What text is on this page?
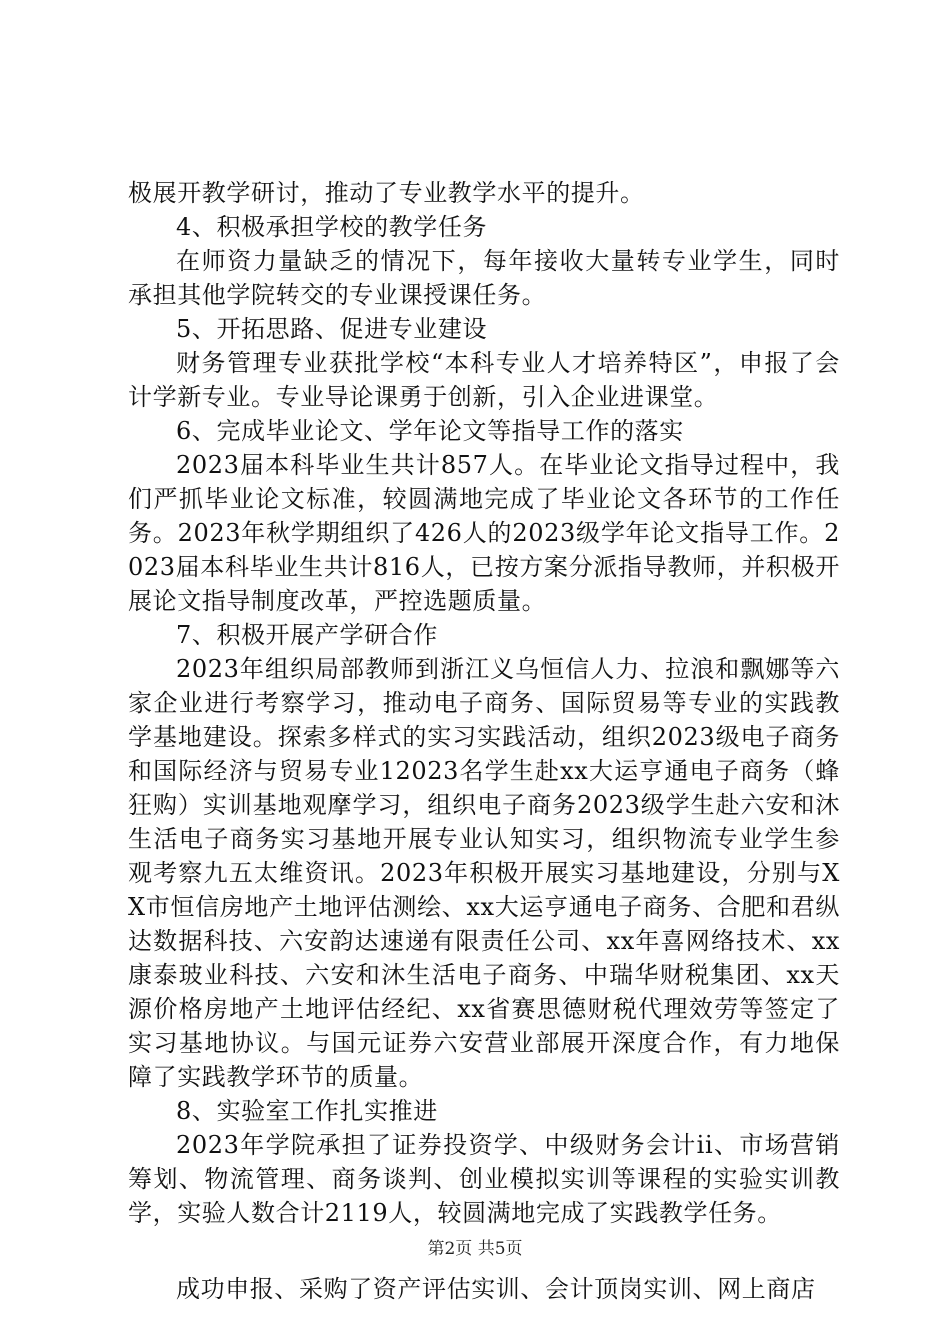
极展开教学研讨，推动了专业教学水平的提升。

4、积极承担学校的教学任务

在师资力量缺乏的情况下，每年接收大量转专业学生，同时承担其他学院转交的专业课授课任务。

5、开拓思路、促进专业建设

财务管理专业获批学校“本科专业人才培养特区”，申报了会计学新专业。专业导论课勇于创新，引入企业进课堂。

6、完成毕业论文、学年论文等指导工作的落实

2023届本科毕业生共计857人。在毕业论文指导过程中，我们严抓毕业论文标准，较圆满地完成了毕业论文各环节的工作任务。2023年秋学期组织了426人的2023级学年论文指导工作。2023届本科毕业生共计816人，已按方案分派指导教师，并积极开展论文指导制度改革，严控选题质量。

7、积极开展产学研合作

2023年组织局部教师到浙江义乌恒信人力、拉浪和飘娜等六家企业进行考察学习，推动电子商务、国际贸易等专业的实践教学基地建设。探索多样式的实习实践活动，组织2023级电子商务和国际经济与贸易专业12023名学生赴xx大运亨通电子商务（蜂狂购）实训基地观摩学习，组织电子商务2023级学生赴六安和沐生活电子商务实习基地开展专业认知实习，组织物流专业学生参观考察九五太维资讯。2023年积极开展实习基地建设，分别与XX市恒信房地产土地评估测绘、xx大运亨通电子商务、合肥和君纵达数据科技、六安韵达速递有限责任公司、xx年喜网络技术、xx康泰玻业科技、六安和沐生活电子商务、中瑞华财税集团、xx天源价格房地产土地评估经纪、xx省赛思德财税代理效劳等签定了实习基地协议。与国元证券六安营业部展开深度合作，有力地保障了实践教学环节的质量。

8、实验室工作扎实推进

2023年学院承担了证券投资学、中级财务会计ii、市场营销筹划、物流管理、商务谈判、创业模拟实训等课程的实验实训教学，实验人数合计2119人，较圆满地完成了实践教学任务。

成功申报、采购了资产评估实训、会计顶岗实训、网上商店

第2页 共5页
